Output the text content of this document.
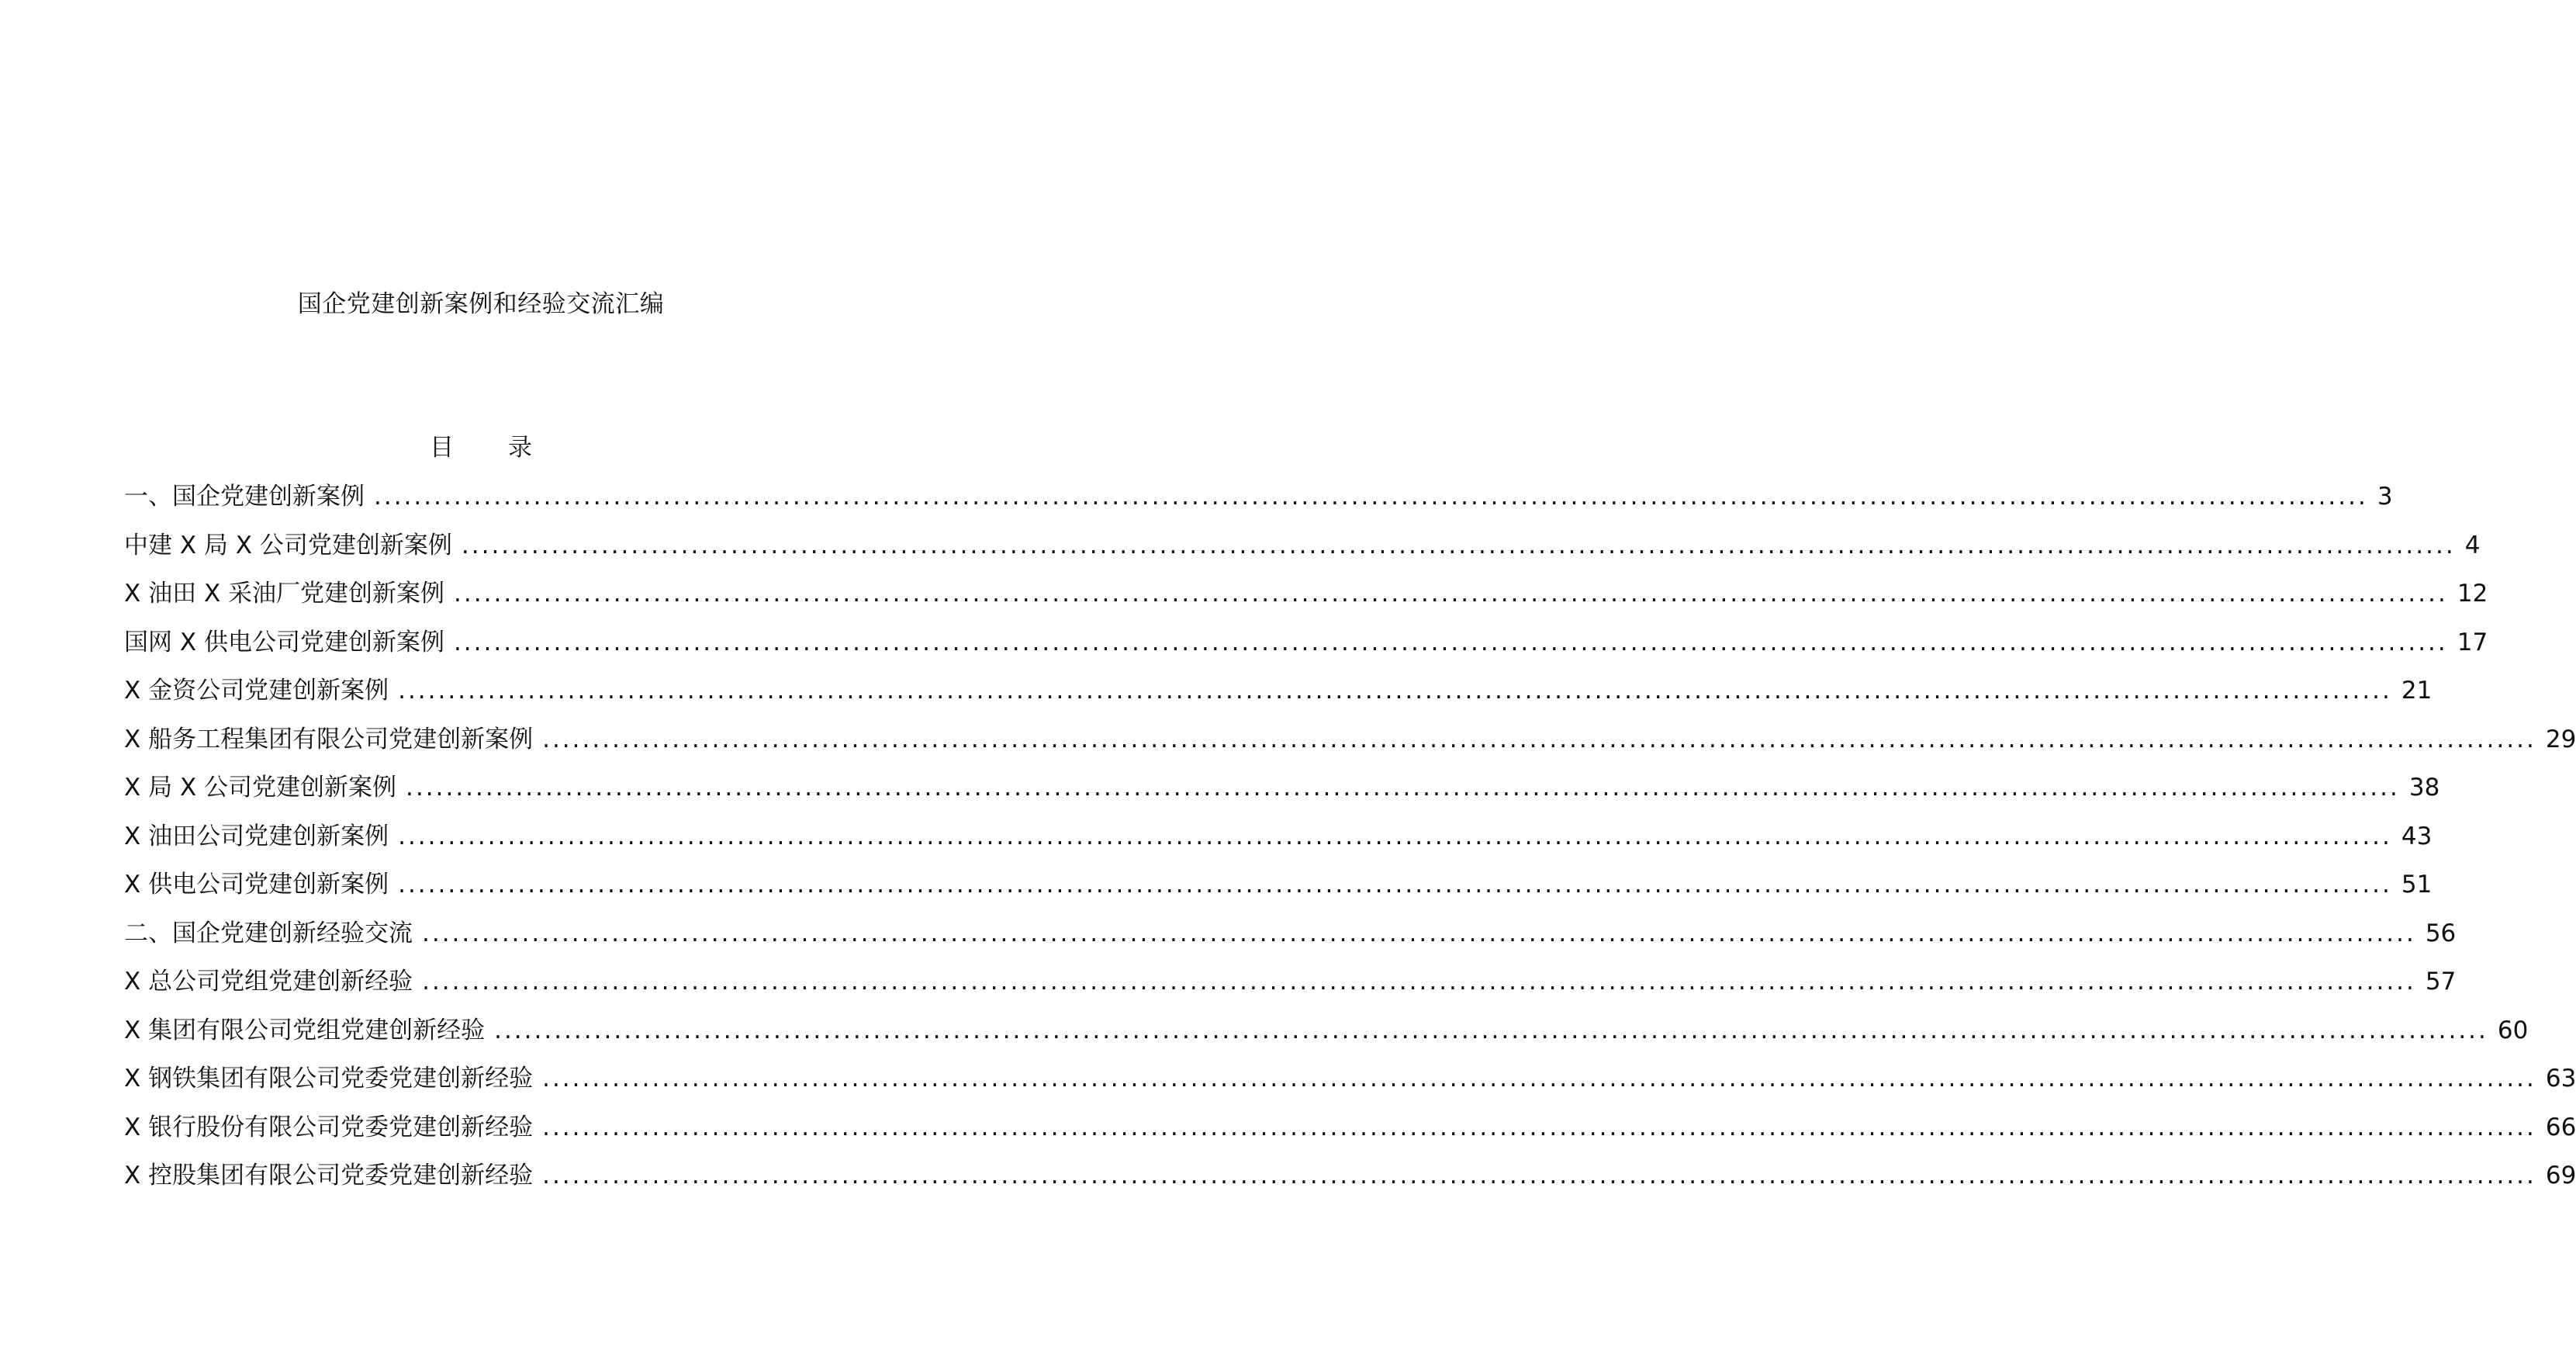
国企党建创新案例和经验交流汇编
目 录
一、国企党建创新案例 ........................................................................................................................................................................................................ 3
中建 X 局 X 公司党建创新案例 ........................................................................................................................................................................................................ 4
X 油田 X 采油厂党建创新案例 ........................................................................................................................................................................................................ 12
国网 X 供电公司党建创新案例 ........................................................................................................................................................................................................ 17
X 金资公司党建创新案例 ........................................................................................................................................................................................................ 21
X 船务工程集团有限公司党建创新案例 ........................................................................................................................................................................................................ 29
X 局 X 公司党建创新案例 ........................................................................................................................................................................................................ 38
X 油田公司党建创新案例 ........................................................................................................................................................................................................ 43
X 供电公司党建创新案例 ........................................................................................................................................................................................................ 51
二、国企党建创新经验交流 ........................................................................................................................................................................................................ 56
X 总公司党组党建创新经验 ........................................................................................................................................................................................................ 57
X 集团有限公司党组党建创新经验 ........................................................................................................................................................................................................ 60
X 钢铁集团有限公司党委党建创新经验 ........................................................................................................................................................................................................ 63
X 银行股份有限公司党委党建创新经验 ........................................................................................................................................................................................................ 66
X 控股集团有限公司党委党建创新经验 ........................................................................................................................................................................................................ 69
